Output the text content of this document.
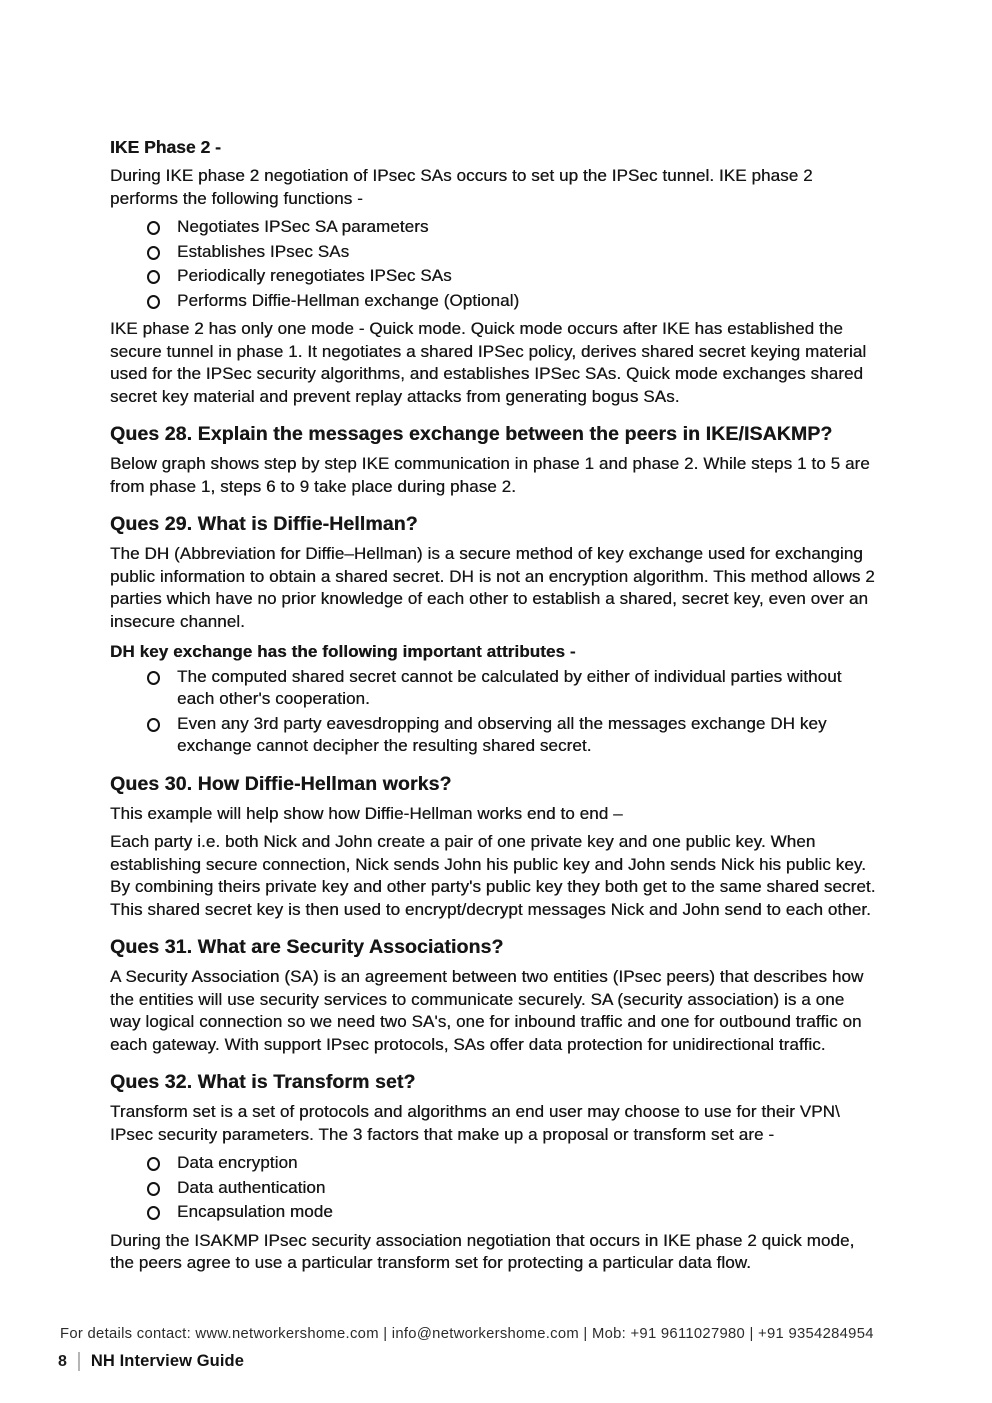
IKE Phase 2 -

During IKE phase 2 negotiation of IPsec SAs occurs to set up the IPSec tunnel. IKE phase 2 performs the following functions -

Negotiates IPSec SA parameters
Establishes IPsec SAs
Periodically renegotiates IPSec SAs
Performs Diffie-Hellman exchange (Optional)

IKE phase 2 has only one mode - Quick mode. Quick mode occurs after IKE has established the secure tunnel in phase 1. It negotiates a shared IPSec policy, derives shared secret keying material used for the IPSec security algorithms, and establishes IPSec SAs. Quick mode exchanges shared secret key material and prevent replay attacks from generating bogus SAs.

Ques 28. Explain the messages exchange between the peers in IKE/ISAKMP?

Below graph shows step by step IKE communication in phase 1 and phase 2. While steps 1 to 5 are from phase 1, steps 6 to 9 take place during phase 2.

Ques 29. What is Diffie-Hellman?

The DH (Abbreviation for Diffie–Hellman) is a secure method of key exchange used for exchanging public information to obtain a shared secret. DH is not an encryption algorithm. This method allows 2 parties which have no prior knowledge of each other to establish a shared, secret key, even over an insecure channel.

DH key exchange has the following important attributes -

The computed shared secret cannot be calculated by either of individual parties without each other's cooperation.
Even any 3rd party eavesdropping and observing all the messages exchange DH key exchange cannot decipher the resulting shared secret.
Ques 30. How Diffie-Hellman works?

This example will help show how Diffie-Hellman works end to end –

Each party i.e. both Nick and John create a pair of one private key and one public key. When establishing secure connection, Nick sends John his public key and John sends Nick his public key. By combining theirs private key and other party's public key they both get to the same shared secret. This shared secret key is then used to encrypt/decrypt messages Nick and John send to each other.

Ques 31. What are Security Associations?

A Security Association (SA) is an agreement between two entities (IPsec peers) that describes how the entities will use security services to communicate securely. SA (security association) is a one way logical connection so we need two SA's, one for inbound traffic and one for outbound traffic on each gateway. With support IPsec protocols, SAs offer data protection for unidirectional traffic.

Ques 32. What is Transform set?

Transform set is a set of protocols and algorithms an end user may choose to use for their VPN\ IPsec security parameters. The 3 factors that make up a proposal or transform set are -

Data encryption
Data authentication
Encapsulation mode

During the ISAKMP IPsec security association negotiation that occurs in IKE phase 2 quick mode, the peers agree to use a particular transform set for protecting a particular data flow.

For details contact: www.networkershome.com | info@networkershome.com | Mob: +91 9611027980 | +91 9354284954
8 NH Interview Guide
